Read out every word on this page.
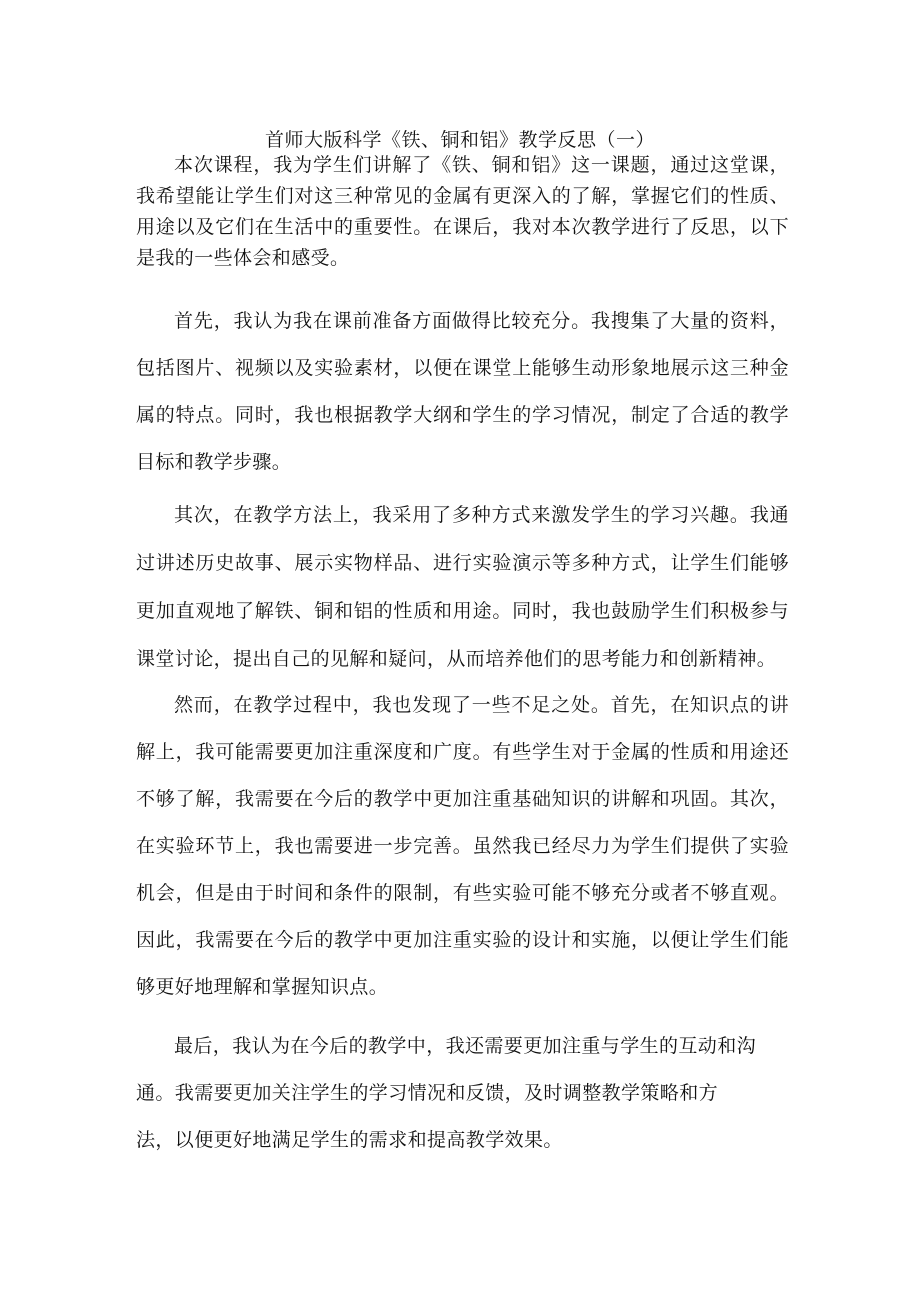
首师大版科学《铁、铜和铝》教学反思（一）

本次课程，我为学生们讲解了《铁、铜和铝》这一课题，通过这堂课，我希望能让学生们对这三种常见的金属有更深入的了解，掌握它们的性质、用途以及它们在生活中的重要性。在课后，我对本次教学进行了反思，以下是我的一些体会和感受。

首先，我认为我在课前准备方面做得比较充分。我搜集了大量的资料，包括图片、视频以及实验素材，以便在课堂上能够生动形象地展示这三种金属的特点。同时，我也根据教学大纲和学生的学习情况，制定了合适的教学目标和教学步骤。

其次，在教学方法上，我采用了多种方式来激发学生的学习兴趣。我通过讲述历史故事、展示实物样品、进行实验演示等多种方式，让学生们能够更加直观地了解铁、铜和铝的性质和用途。同时，我也鼓励学生们积极参与课堂讨论，提出自己的见解和疑问，从而培养他们的思考能力和创新精神。

然而，在教学过程中，我也发现了一些不足之处。首先，在知识点的讲解上，我可能需要更加注重深度和广度。有些学生对于金属的性质和用途还不够了解，我需要在今后的教学中更加注重基础知识的讲解和巩固。其次，在实验环节上，我也需要进一步完善。虽然我已经尽力为学生们提供了实验机会，但是由于时间和条件的限制，有些实验可能不够充分或者不够直观。因此，我需要在今后的教学中更加注重实验的设计和实施，以便让学生们能够更好地理解和掌握知识点。

最后，我认为在今后的教学中，我还需要更加注重与学生的互动和沟通。我需要更加关注学生的学习情况和反馈，及时调整教学策略和方法，以便更好地满足学生的需求和提高教学效果。
